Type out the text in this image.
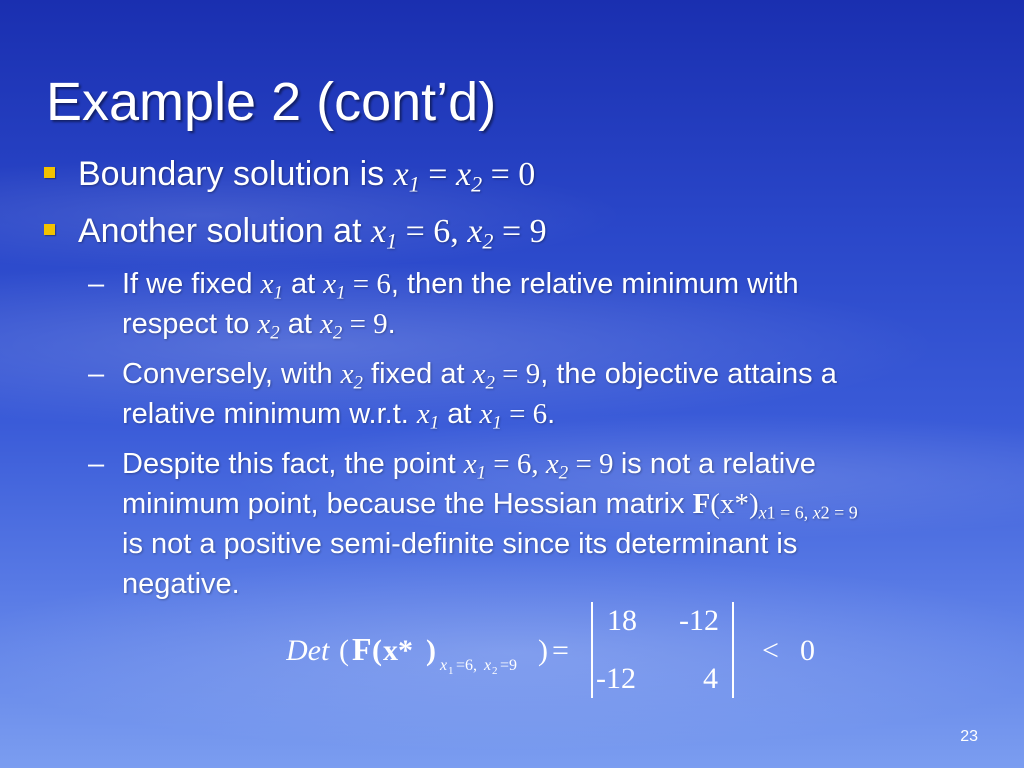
Example 2 (cont’d)
Boundary solution is $x_1 = x_2 = 0$
Another solution at $x_1 = 6$, $x_2 = 9$
– If we fixed $x_1$ at $x_1 = 6$, then the relative minimum with
respect to $x_2$ at $x_2 = 9$.
– Conversely, with $x_2$ fixed at $x_2 = 9$, the objective attains a
relative minimum w.r.t. $x_1$ at $x_1 = 6$.
– Despite this fact, the point $x_1 = 6$, $x_2 = 9$ is not a relative
minimum point, because the Hessian matrix $F(x*)_{x1 = 6, x2 = 9}$
is not a positive semi-definite since its determinant is
negative.
Det ( F ( x* ) x 1 =6, x 2 =9 ) =
18 -12
-12 4
< 0
23
